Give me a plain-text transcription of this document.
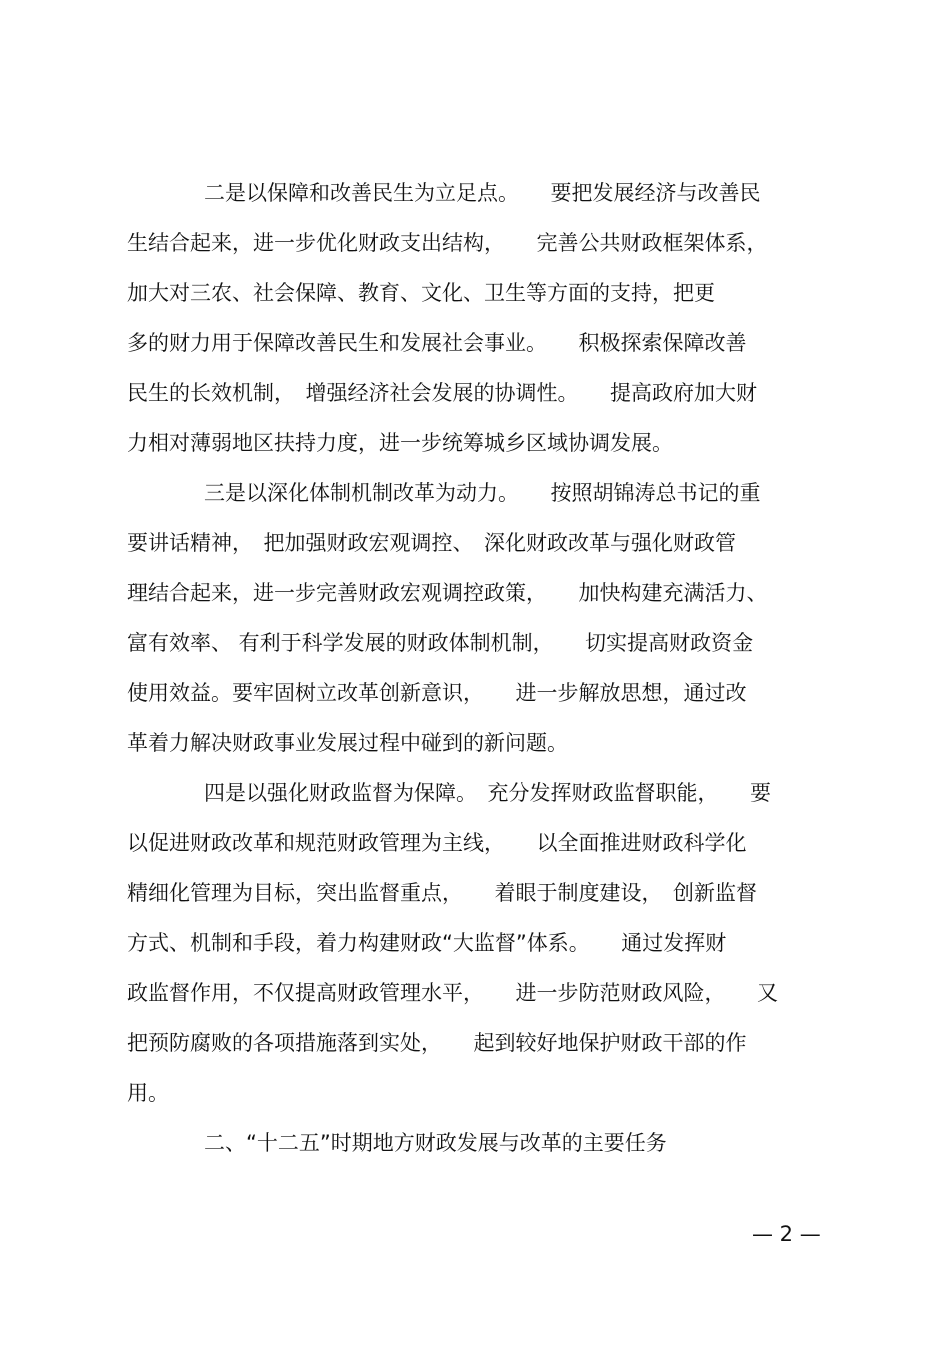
二是以保障和改善民生为立足点。　　要把发展经济与改善民
生结合起来，进一步优化财政支出结构，　　完善公共财政框架体系，
加大对三农、社会保障、教育、文化、卫生等方面的支持，把更
多的财力用于保障改善民生和发展社会事业。　　积极探索保障改善
民生的长效机制，　增强经济社会发展的协调性。　　提高政府加大财
力相对薄弱地区扶持力度，进一步统筹城乡区域协调发展。
三是以深化体制机制改革为动力。　　按照胡锦涛总书记的重
要讲话精神，　把加强财政宏观调控、　深化财政改革与强化财政管
理结合起来，进一步完善财政宏观调控政策，　　加快构建充满活力、
富有效率、 有利于科学发展的财政体制机制，　　切实提高财政资金
使用效益。要牢固树立改革创新意识，　　进一步解放思想，通过改
革着力解决财政事业发展过程中碰到的新问题。
四是以强化财政监督为保障。　充分发挥财政监督职能，　　要
以促进财政改革和规范财政管理为主线，　　以全面推进财政科学化
精细化管理为目标，突出监督重点，　　着眼于制度建设，　创新监督
方式、机制和手段，着力构建财政“大监督”体系。　　通过发挥财
政监督作用，不仅提高财政管理水平，　　进一步防范财政风险，　　又
把预防腐败的各项措施落到实处，　　起到较好地保护财政干部的作
用。
二、“十二五”时期地方财政发展与改革的主要任务
— 2 —
